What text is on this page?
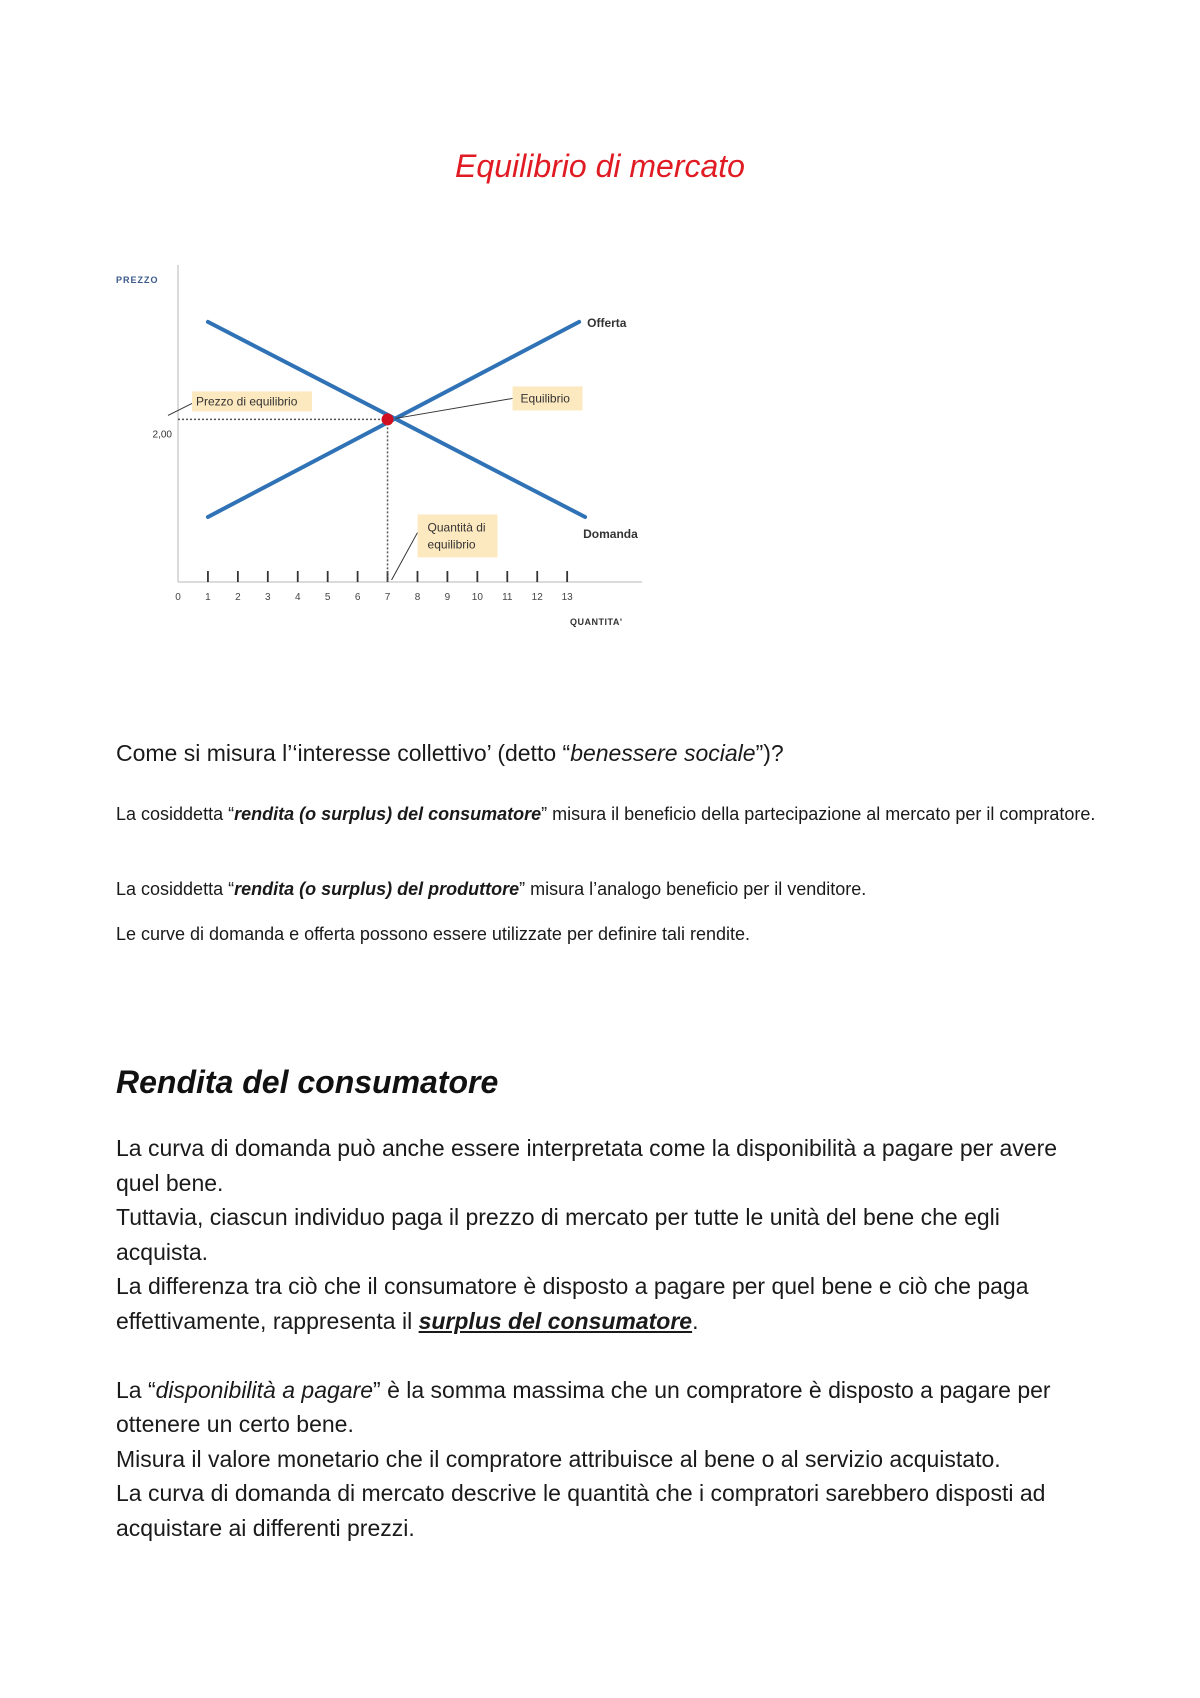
Equilibrio di mercato
PREZZO
QUANTITA'
0 1 2 3 4 5 6 7 8 9 10 11 12 13
2,00
Offerta
Domanda
Prezzo di equilibrio	Equilibrio
Quantità di
equilibrio
Come si misura l’‘interesse collettivo’ (detto “benessere sociale”)?
La cosiddetta “rendita (o surplus) del consumatore” misura il beneficio della partecipazione al mercato per il compratore.
La cosiddetta “rendita (o surplus) del produttore” misura l’analogo beneficio per il venditore.
Le curve di domanda e offerta possono essere utilizzate per definire tali rendite.
Rendita del consumatore

La curva di domanda può anche essere interpretata come la disponibilità a pagare per avere quel bene.

Tuttavia, ciascun individuo paga il prezzo di mercato per tutte le unità del bene che egli acquista.

La differenza tra ciò che il consumatore è disposto a pagare per quel bene e ciò che paga effettivamente, rappresenta il surplus del consumatore.

La “disponibilità a pagare” è la somma massima che un compratore è disposto a pagare per ottenere un certo bene.

Misura il valore monetario che il compratore attribuisce al bene o al servizio acquistato.

La curva di domanda di mercato descrive le quantità che i compratori sarebbero disposti ad acquistare ai differenti prezzi.
